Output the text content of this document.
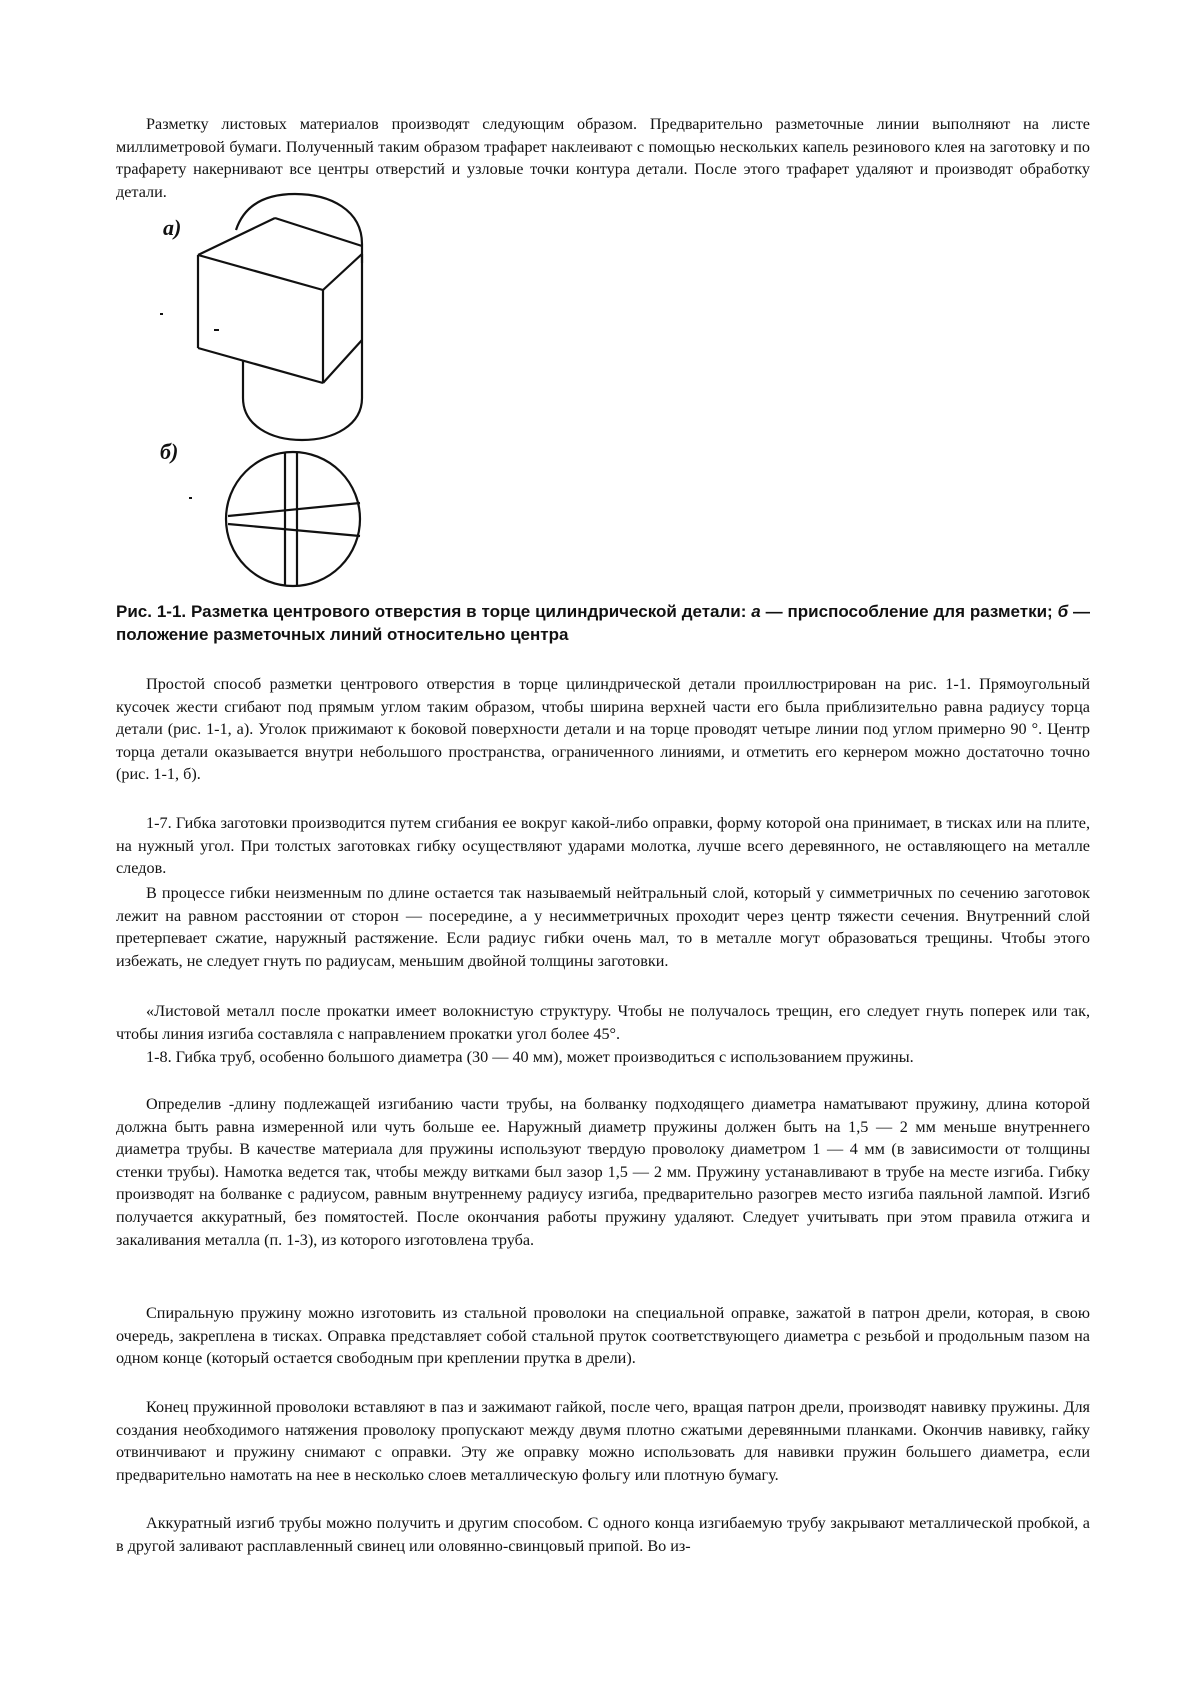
Разметку листовых материалов производят следующим образом. Предварительно разметочные линии выполняют на листе миллиметровой бумаги. Полученный таким образом трафарет наклеивают с помощью нескольких капель резинового клея на заготовку и по трафарету накернивают все центры отверстий и узловые точки контура детали. После этого трафарет удаляют и производят обработку детали.

а)
б)

Рис. 1-1. Разметка центрового отверстия в торце цилиндрической детали: а — приспособление для разметки; б — положение разметочных линий относительно центра

Простой способ разметки центрового отверстия в торце цилиндрической детали проиллюстрирован на рис. 1-1. Прямоугольный кусочек жести сгибают под прямым углом таким образом, чтобы ширина верхней части его была приблизительно равна радиусу торца детали (рис. 1-1, а). Уголок прижимают к боковой поверхности детали и на торце проводят четыре линии под углом примерно 90 °. Центр торца детали оказывается внутри небольшого пространства, ограниченного линиями, и отметить его кернером можно достаточно точно (рис. 1-1, б).

1-7. Гибка заготовки производится путем сгибания ее вокруг какой-либо оправки, форму которой она принимает, в тисках или на плите, на нужный угол. При толстых заготовках гибку осуществляют ударами молотка, лучше всего деревянного, не оставляющего на металле следов.

В процессе гибки неизменным по длине остается так называемый нейтральный слой, который у симметричных по сечению заготовок лежит на равном расстоянии от сторон — посередине, а у несимметричных проходит через центр тяжести сечения. Внутренний слой претерпевает сжатие, наружный растяжение. Если радиус гибки очень мал, то в металле могут образоваться трещины. Чтобы этого избежать, не следует гнуть по радиусам, меньшим двойной толщины заготовки.

«Листовой металл после прокатки имеет волокнистую структуру. Чтобы не получалось трещин, его следует гнуть поперек или так, чтобы линия изгиба составляла с направлением прокатки угол более 45°.

1-8. Гибка труб, особенно большого диаметра (30 — 40 мм), может производиться с использованием пружины.

Определив -длину подлежащей изгибанию части трубы, на болванку подходящего диаметра наматывают пружину, длина которой должна быть равна измеренной или чуть больше ее. Наружный диаметр пружины должен быть на 1,5 — 2 мм меньше внутреннего диаметра трубы. В качестве материала для пружины используют твердую проволоку диаметром 1 — 4 мм (в зависимости от толщины стенки трубы). Намотка ведется так, чтобы между витками был зазор 1,5 — 2 мм. Пружину устанавливают в трубе на месте изгиба. Гибку производят на болванке с радиусом, равным внутреннему радиусу изгиба, предварительно разогрев место изгиба паяльной лампой. Изгиб получается аккуратный, без помятостей. После окончания работы пружину удаляют. Следует учитывать при этом правила отжига и закаливания металла (п. 1-3), из которого изготовлена труба.

Спиральную пружину можно изготовить из стальной проволоки на специальной оправке, зажатой в патрон дрели, которая, в свою очередь, закреплена в тисках. Оправка представляет собой стальной пруток соответствующего диаметра с резьбой и продольным пазом на одном конце (который остается свободным при креплении прутка в дрели).

Конец пружинной проволоки вставляют в паз и зажимают гайкой, после чего, вращая патрон дрели, производят навивку пружины. Для создания необходимого натяжения проволоку пропускают между двумя плотно сжатыми деревянными планками. Окончив навивку, гайку отвинчивают и пружину снимают с оправки. Эту же оправку можно использовать для навивки пружин большего диаметра, если предварительно намотать на нее в несколько слоев металлическую фольгу или плотную бумагу.

Аккуратный изгиб трубы можно получить и другим способом. С одного конца изгибаемую трубу закрывают металлической пробкой, а в другой заливают расплавленный свинец или оловянно-свинцовый припой. Во из-
